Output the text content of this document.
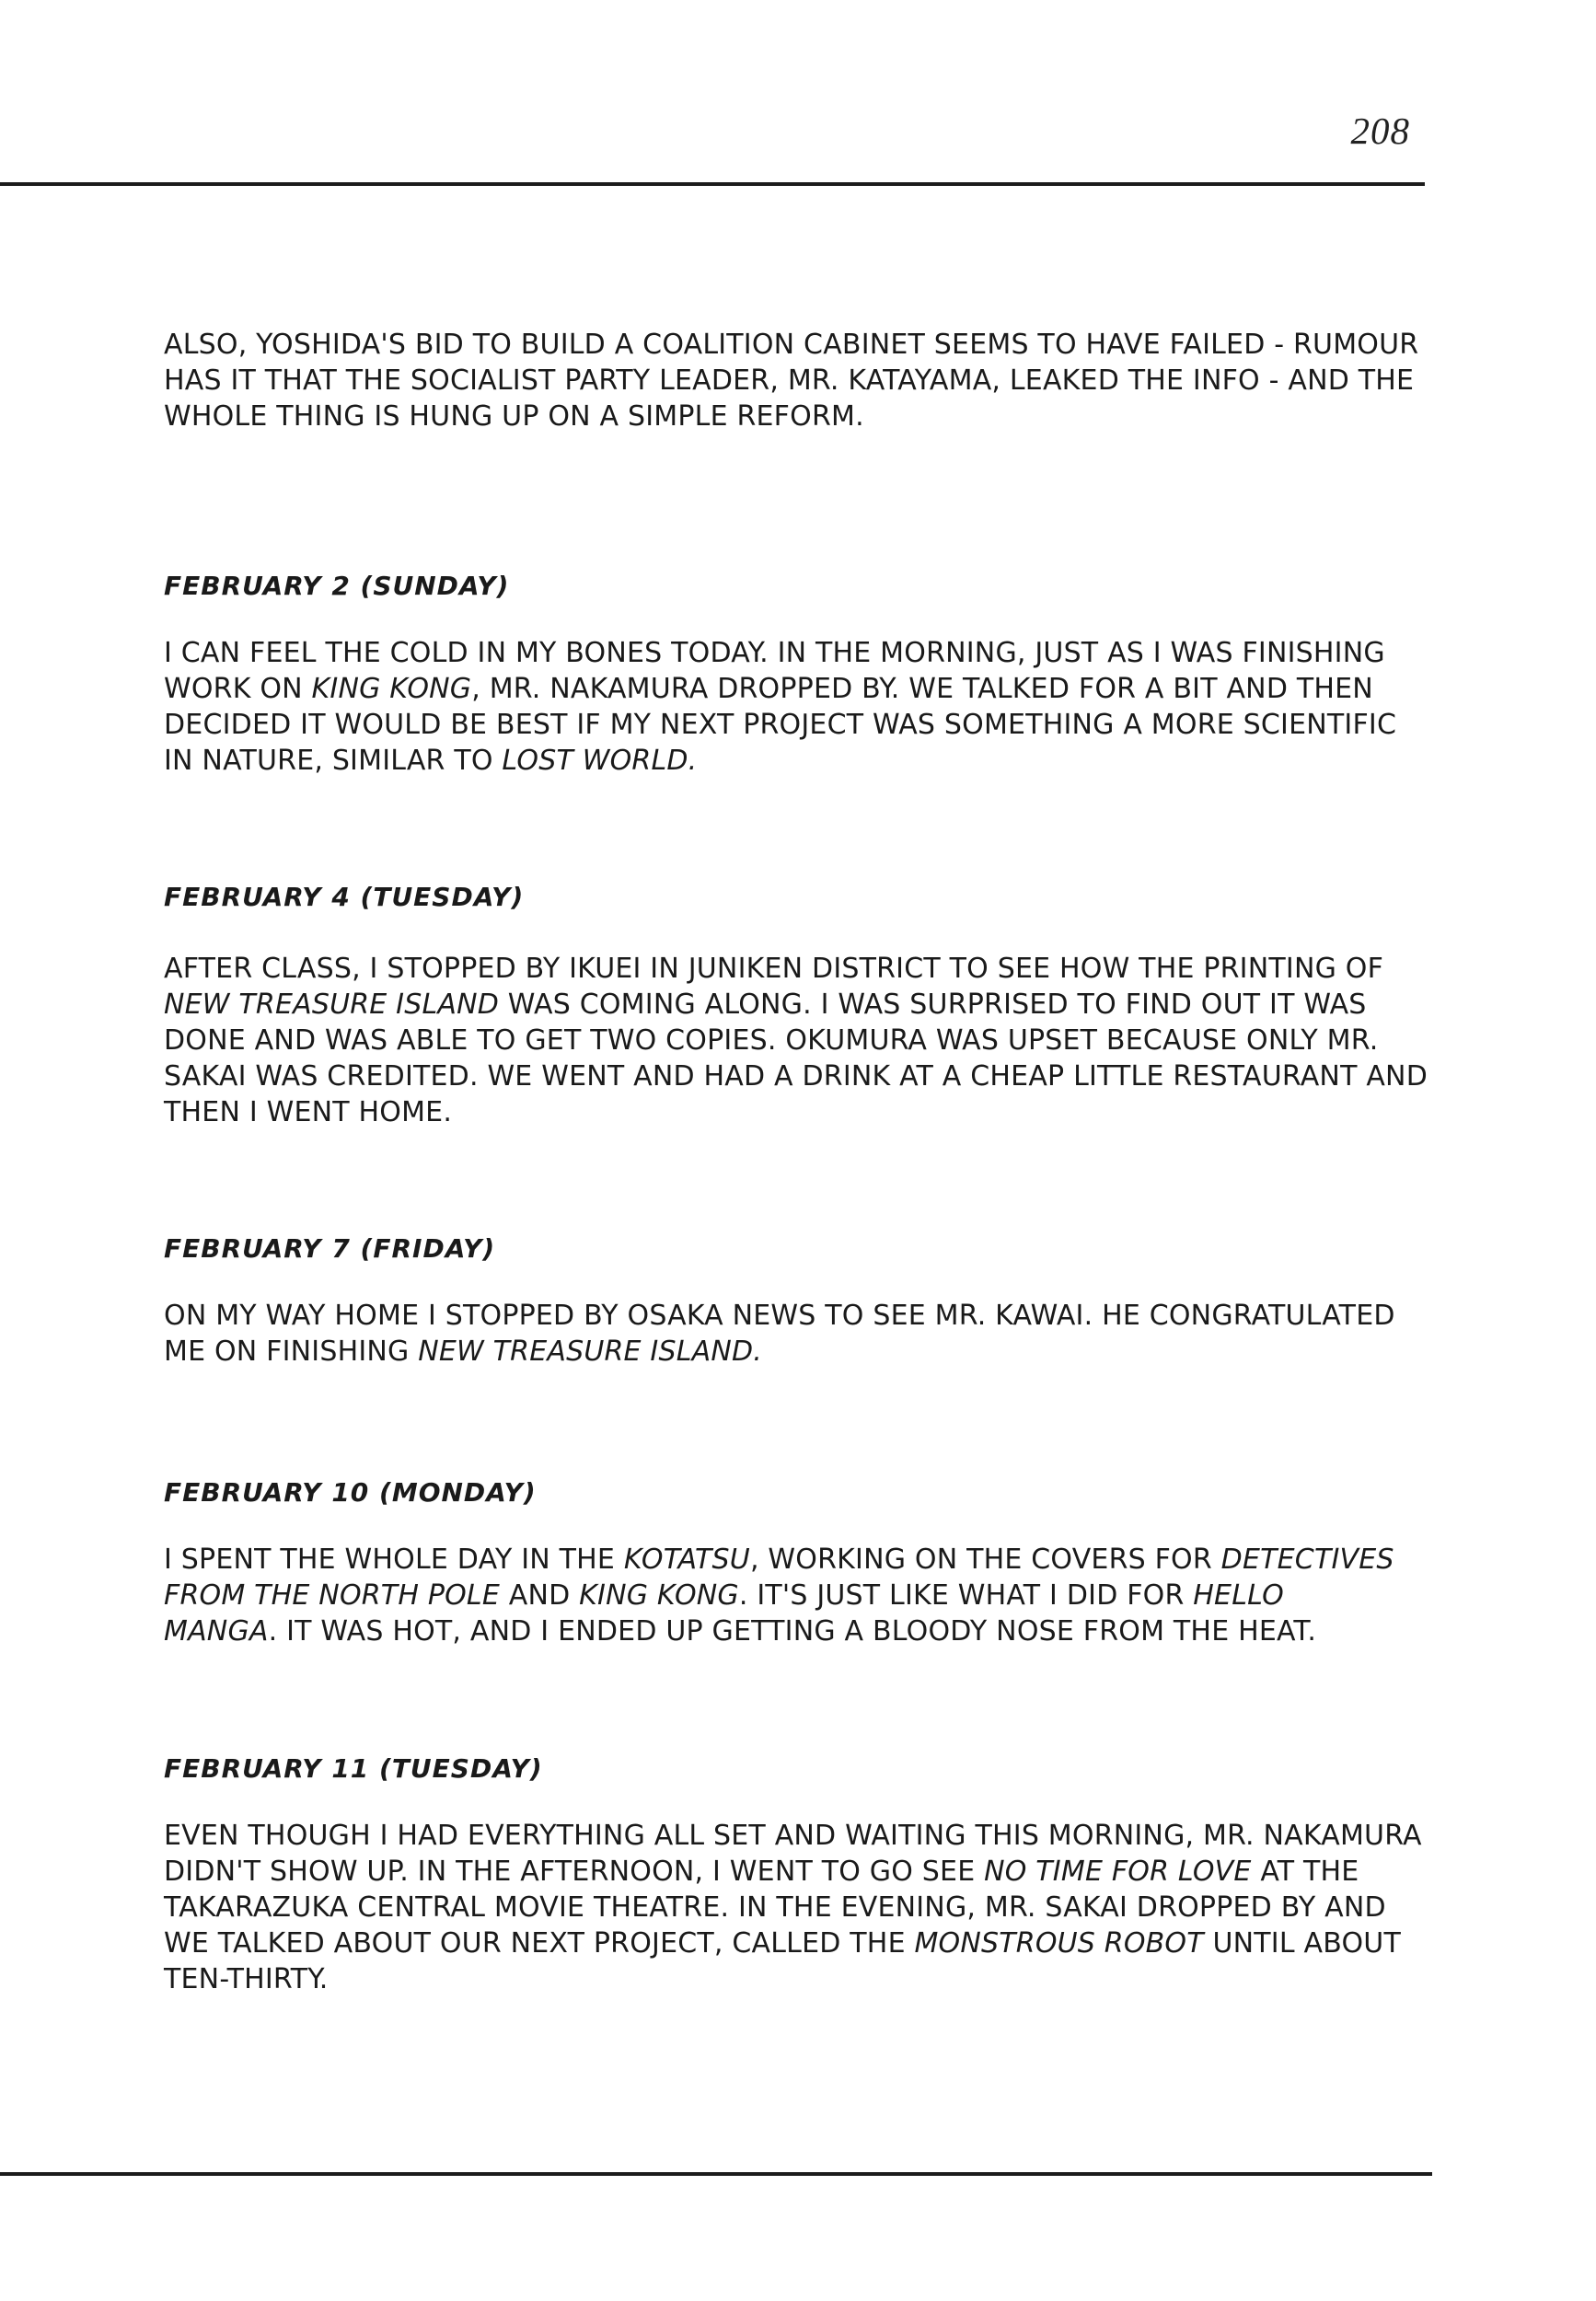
208
ALSO, YOSHIDA'S BID TO BUILD A COALITION CABINET SEEMS TO HAVE FAILED - RUMOUR
HAS IT THAT THE SOCIALIST PARTY LEADER, MR. KATAYAMA, LEAKED THE INFO - AND THE
WHOLE THING IS HUNG UP ON A SIMPLE REFORM.
FEBRUARY 2 (SUNDAY)
I CAN FEEL THE COLD IN MY BONES TODAY. IN THE MORNING, JUST AS I WAS FINISHING
WORK ON KING KONG, MR. NAKAMURA DROPPED BY. WE TALKED FOR A BIT AND THEN
DECIDED IT WOULD BE BEST IF MY NEXT PROJECT WAS SOMETHING A MORE SCIENTIFIC
IN NATURE, SIMILAR TO LOST WORLD.
FEBRUARY 4 (TUESDAY)
AFTER CLASS, I STOPPED BY IKUEI IN JUNIKEN DISTRICT TO SEE HOW THE PRINTING OF
NEW TREASURE ISLAND WAS COMING ALONG. I WAS SURPRISED TO FIND OUT IT WAS
DONE AND WAS ABLE TO GET TWO COPIES. OKUMURA WAS UPSET BECAUSE ONLY MR.
SAKAI WAS CREDITED. WE WENT AND HAD A DRINK AT A CHEAP LITTLE RESTAURANT AND
THEN I WENT HOME.
FEBRUARY 7 (FRIDAY)
ON MY WAY HOME I STOPPED BY OSAKA NEWS TO SEE MR. KAWAI. HE CONGRATULATED
ME ON FINISHING NEW TREASURE ISLAND.
FEBRUARY 10 (MONDAY)
I SPENT THE WHOLE DAY IN THE KOTATSU, WORKING ON THE COVERS FOR DETECTIVES
FROM THE NORTH POLE AND KING KONG. IT'S JUST LIKE WHAT I DID FOR HELLO
MANGA. IT WAS HOT, AND I ENDED UP GETTING A BLOODY NOSE FROM THE HEAT.
FEBRUARY 11 (TUESDAY)
EVEN THOUGH I HAD EVERYTHING ALL SET AND WAITING THIS MORNING, MR. NAKAMURA
DIDN'T SHOW UP. IN THE AFTERNOON, I WENT TO GO SEE NO TIME FOR LOVE AT THE
TAKARAZUKA CENTRAL MOVIE THEATRE. IN THE EVENING, MR. SAKAI DROPPED BY AND
WE TALKED ABOUT OUR NEXT PROJECT, CALLED THE MONSTROUS ROBOT UNTIL ABOUT
TEN-THIRTY.
